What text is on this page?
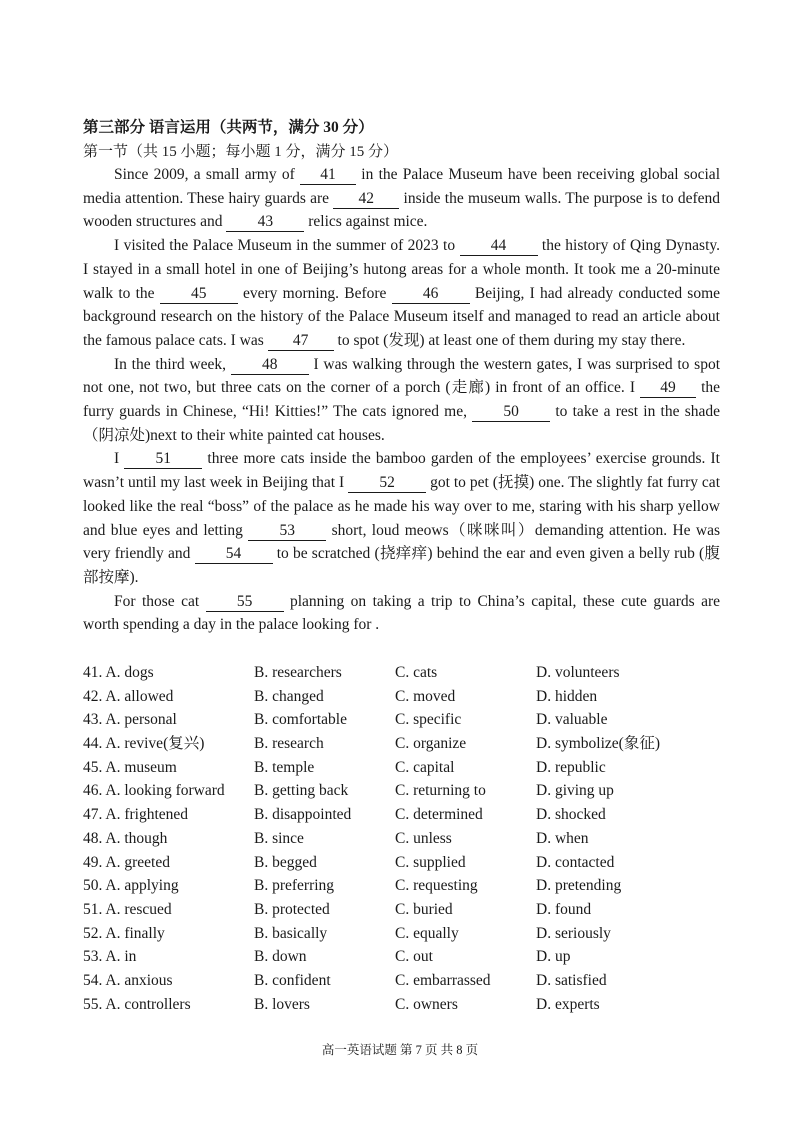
第三部分 语言运用（共两节，满分 30 分）
第一节（共 15 小题；每小题 1 分，满分 15 分）

Since 2009, a small army of 41 in the Palace Museum have been receiving global social media attention. These hairy guards are 42 inside the museum walls. The purpose is to defend wooden structures and 43 relics against mice.

I visited the Palace Museum in the summer of 2023 to 44 the history of Qing Dynasty. I stayed in a small hotel in one of Beijing’s hutong areas for a whole month. It took me a 20-minute walk to the 45 every morning. Before 46 Beijing, I had already conducted some background research on the history of the Palace Museum itself and managed to read an article about the famous palace cats. I was 47 to spot (发现) at least one of them during my stay there.

In the third week, 48 I was walking through the western gates, I was surprised to spot not one, not two, but three cats on the corner of a porch (走廊) in front of an office. I 49 the furry guards in Chinese, “Hi! Kitties!” The cats ignored me, 50 to take a rest in the shade（阴凉处)next to their white painted cat houses.

I 51 three more cats inside the bamboo garden of the employees’ exercise grounds. It wasn’t until my last week in Beijing that I 52 got to pet (抚摸) one. The slightly fat furry cat looked like the real “boss” of the palace as he made his way over to me, staring with his sharp yellow and blue eyes and letting 53 short, loud meows（咪咪叫）demanding attention. He was very friendly and 54 to be scratched (挠痒痒) behind the ear and even given a belly rub (腹部按摩).

For those cat 55 planning on taking a trip to China’s capital, these cute guards are worth spending a day in the palace looking for .

41. A. dogs	B. researchers	C. cats	D. volunteers
42. A. allowed	B. changed	C. moved	D. hidden
43. A. personal	B. comfortable	C. specific	D. valuable
44. A. revive(复兴)	B. research	C. organize	D. symbolize(象征)
45. A. museum	B. temple	C. capital	D. republic
46. A. looking forward	B. getting back	C. returning to	D. giving up
47. A. frightened	B. disappointed	C. determined	D. shocked
48. A. though	B. since	C. unless	D. when
49. A. greeted	B. begged	C. supplied	D. contacted
50. A. applying	B. preferring	C. requesting	D. pretending
51. A. rescued	B. protected	C. buried	D. found
52. A. finally	B. basically	C. equally	D. seriously
53. A. in	B. down	C. out	D. up
54. A. anxious	B. confident	C. embarrassed	D. satisfied
55. A. controllers	B. lovers	C. owners	D. experts
高一英语试题 第 7 页 共 8 页
